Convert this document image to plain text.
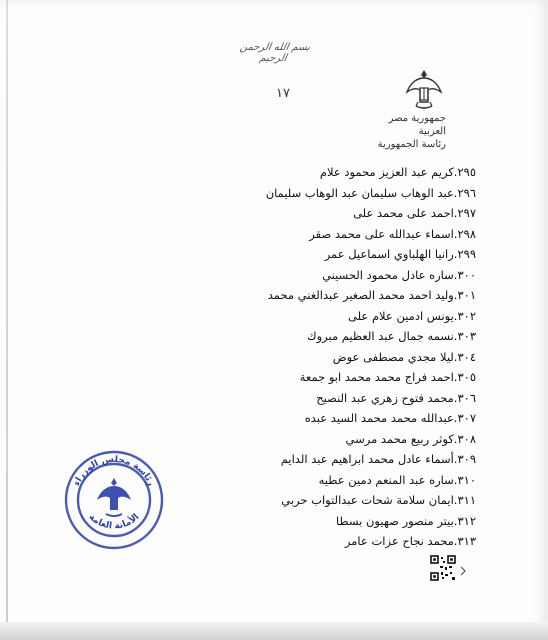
بسم الله الرحمن الرحيم
١٧
جمهورية مصر العربية
رئاسة الجمهورية
٢٩٥.كريم عبد العزيز محمود علام
٢٩٦.عبد الوهاب سليمان عبد الوهاب سليمان
٢٩٧.احمد على محمد على
٢٩٨.اسماء عبدالله على محمد صقر
٢٩٩.رانيا الهلباوي اسماعيل عمر
٣٠٠.ساره عادل محمود الحسيني
٣٠١.وليد احمد محمد الصغير عبدالغني محمد
٣٠٢.يونس ادمين علام على
٣٠٣.نسمه جمال عبد العظيم مبروك
٣٠٤.ليلا مجدي مصطفى عوض
٣٠٥.احمد فراج محمد محمد ابو جمعة
٣٠٦.محمد فتوح زهري عبد النصيح
٣٠٧.عبدالله محمد محمد السيد عبده
٣٠٨.كوثر ربيع محمد مرسي
٣٠٩.أسماء عادل محمد ابراهيم عبد الدايم
٣١٠.ساره عبد المنعم دمين عطيه
٣١١.ايمان سلامة شحات عبدالتواب حربي
٣١٢.بيتر منصور صهيون بسطا
٣١٣.محمد نجاح عزات عامر
رئاسة مجلس الوزراء
الأمانة العامة
